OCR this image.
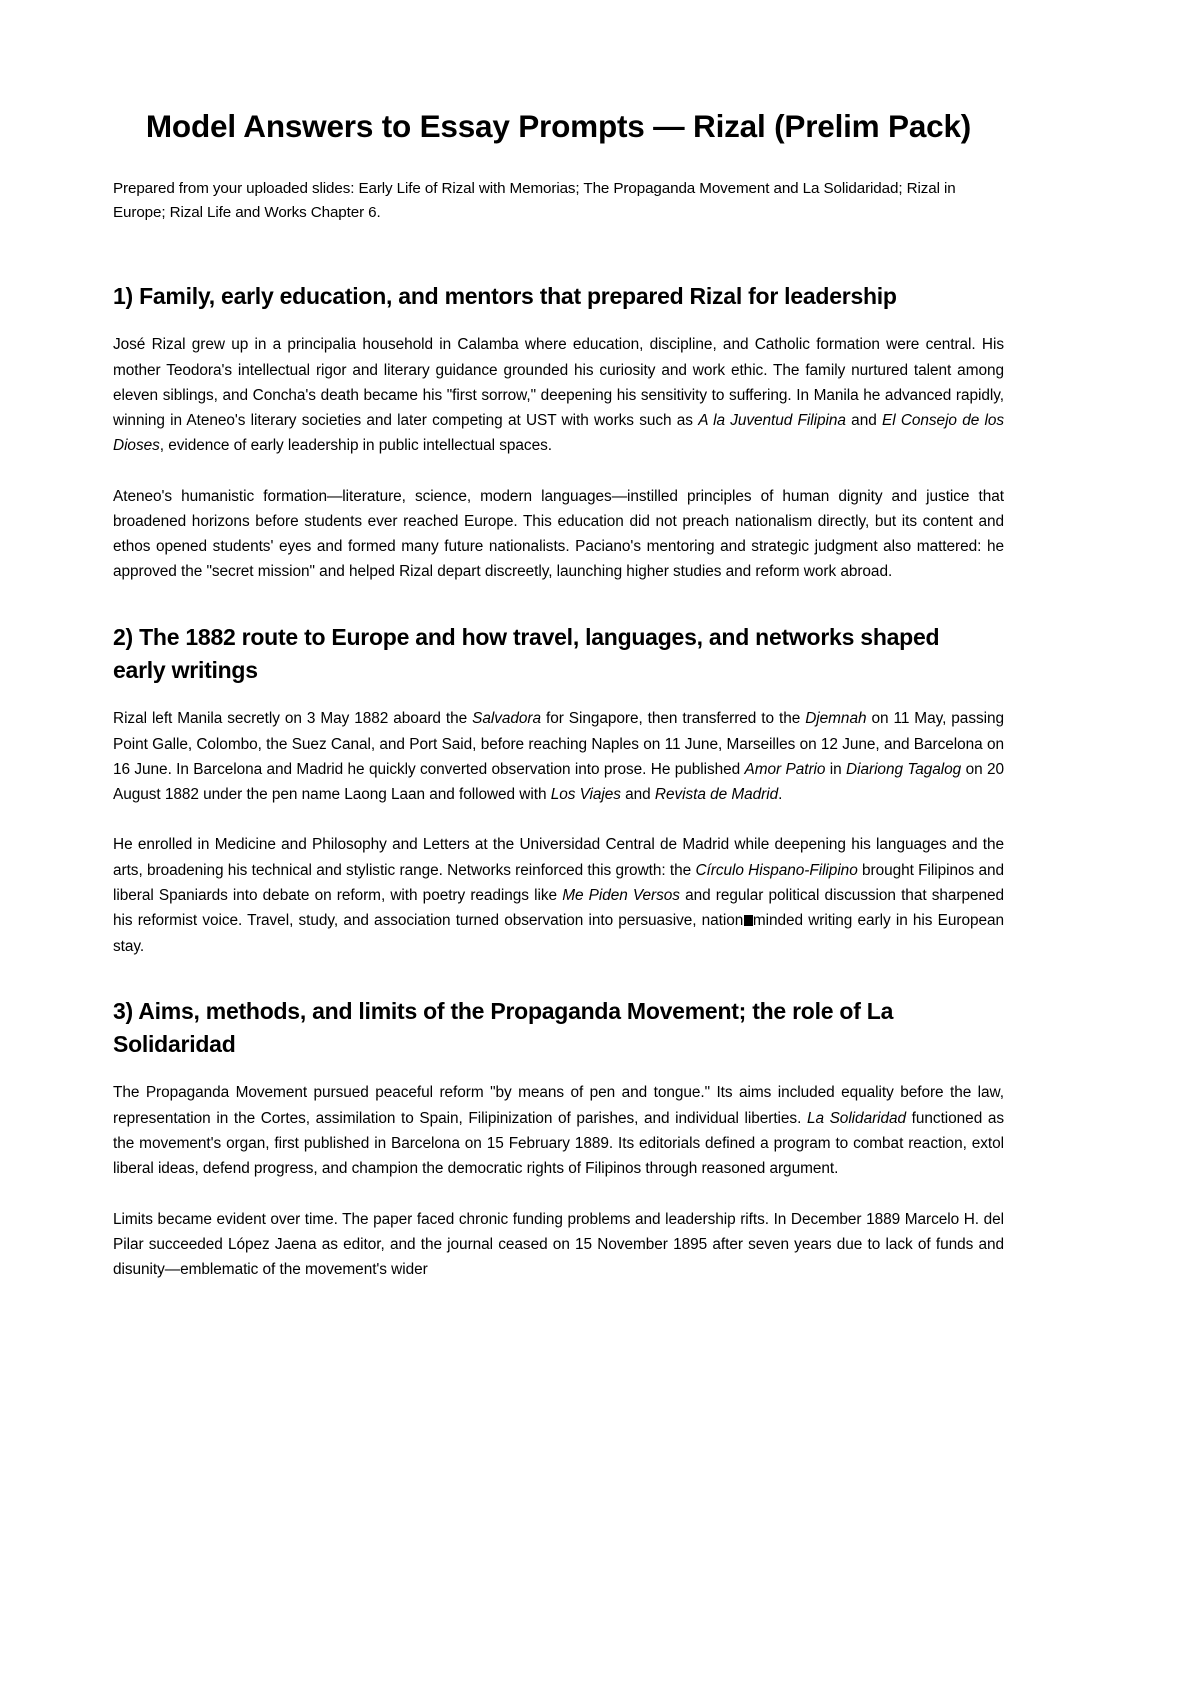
Model Answers to Essay Prompts — Rizal (Prelim Pack)

Prepared from your uploaded slides: Early Life of Rizal with Memorias; The Propaganda Movement and La Solidaridad; Rizal in Europe; Rizal Life and Works Chapter 6.

1) Family, early education, and mentors that prepared Rizal for leadership

José Rizal grew up in a principalia household in Calamba where education, discipline, and Catholic formation were central. His mother Teodora's intellectual rigor and literary guidance grounded his curiosity and work ethic. The family nurtured talent among eleven siblings, and Concha's death became his "first sorrow," deepening his sensitivity to suffering. In Manila he advanced rapidly, winning in Ateneo's literary societies and later competing at UST with works such as A la Juventud Filipina and El Consejo de los Dioses, evidence of early leadership in public intellectual spaces.

Ateneo's humanistic formation—literature, science, modern languages—instilled principles of human dignity and justice that broadened horizons before students ever reached Europe. This education did not preach nationalism directly, but its content and ethos opened students' eyes and formed many future nationalists. Paciano's mentoring and strategic judgment also mattered: he approved the "secret mission" and helped Rizal depart discreetly, launching higher studies and reform work abroad.

2) The 1882 route to Europe and how travel, languages, and networks shaped early writings

Rizal left Manila secretly on 3 May 1882 aboard the Salvadora for Singapore, then transferred to the Djemnah on 11 May, passing Point Galle, Colombo, the Suez Canal, and Port Said, before reaching Naples on 11 June, Marseilles on 12 June, and Barcelona on 16 June. In Barcelona and Madrid he quickly converted observation into prose. He published Amor Patrio in Diariong Tagalog on 20 August 1882 under the pen name Laong Laan and followed with Los Viajes and Revista de Madrid.

He enrolled in Medicine and Philosophy and Letters at the Universidad Central de Madrid while deepening his languages and the arts, broadening his technical and stylistic range. Networks reinforced this growth: the Círculo Hispano-Filipino brought Filipinos and liberal Spaniards into debate on reform, with poetry readings like Me Piden Versos and regular political discussion that sharpened his reformist voice. Travel, study, and association turned observation into persuasive, nation minded writing early in his European stay.

3) Aims, methods, and limits of the Propaganda Movement; the role of La Solidaridad

The Propaganda Movement pursued peaceful reform "by means of pen and tongue." Its aims included equality before the law, representation in the Cortes, assimilation to Spain, Filipinization of parishes, and individual liberties. La Solidaridad functioned as the movement's organ, first published in Barcelona on 15 February 1889. Its editorials defined a program to combat reaction, extol liberal ideas, defend progress, and champion the democratic rights of Filipinos through reasoned argument.

Limits became evident over time. The paper faced chronic funding problems and leadership rifts. In December 1889 Marcelo H. del Pilar succeeded López Jaena as editor, and the journal ceased on 15 November 1895 after seven years due to lack of funds and disunity—emblematic of the movement's wider
